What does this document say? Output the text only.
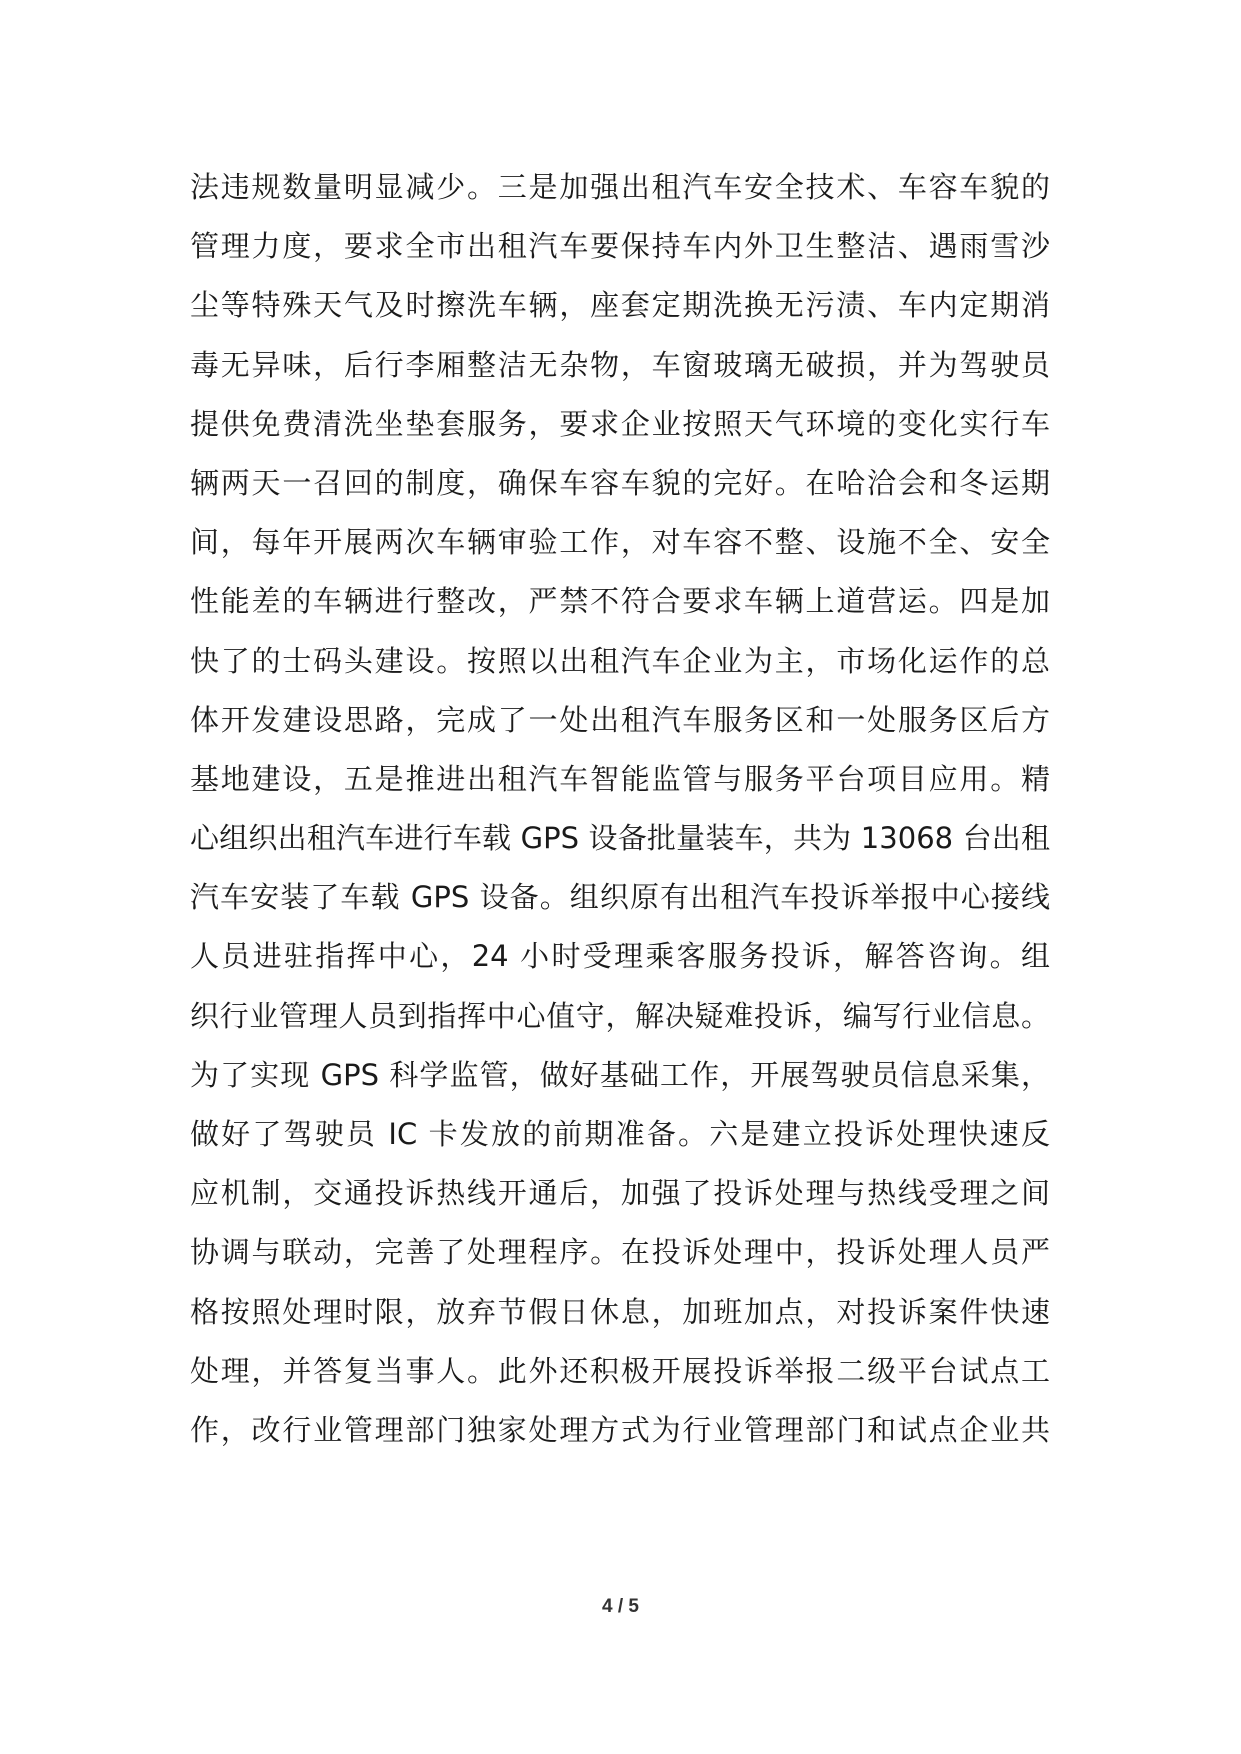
法违规数量明显减少。三是加强出租汽车安全技术、车容车貌的
管理力度，要求全市出租汽车要保持车内外卫生整洁、遇雨雪沙
尘等特殊天气及时擦洗车辆，座套定期洗换无污渍、车内定期消
毒无异味，后行李厢整洁无杂物，车窗玻璃无破损，并为驾驶员
提供免费清洗坐垫套服务，要求企业按照天气环境的变化实行车
辆两天一召回的制度，确保车容车貌的完好。在哈洽会和冬运期
间，每年开展两次车辆审验工作，对车容不整、设施不全、安全
性能差的车辆进行整改，严禁不符合要求车辆上道营运。四是加
快了的士码头建设。按照以出租汽车企业为主，市场化运作的总
体开发建设思路，完成了一处出租汽车服务区和一处服务区后方
基地建设，五是推进出租汽车智能监管与服务平台项目应用。精
心组织出租汽车进行车载 GPS 设备批量装车，共为 13068 台出租
汽车安装了车载 GPS 设备。组织原有出租汽车投诉举报中心接线
人员进驻指挥中心，24 小时受理乘客服务投诉，解答咨询。组
织行业管理人员到指挥中心值守，解决疑难投诉，编写行业信息。
为了实现 GPS 科学监管，做好基础工作，开展驾驶员信息采集，
做好了驾驶员 IC 卡发放的前期准备。六是建立投诉处理快速反
应机制，交通投诉热线开通后，加强了投诉处理与热线受理之间
协调与联动，完善了处理程序。在投诉处理中，投诉处理人员严
格按照处理时限，放弃节假日休息，加班加点，对投诉案件快速
处理，并答复当事人。此外还积极开展投诉举报二级平台试点工
作，改行业管理部门独家处理方式为行业管理部门和试点企业共
4 / 5
